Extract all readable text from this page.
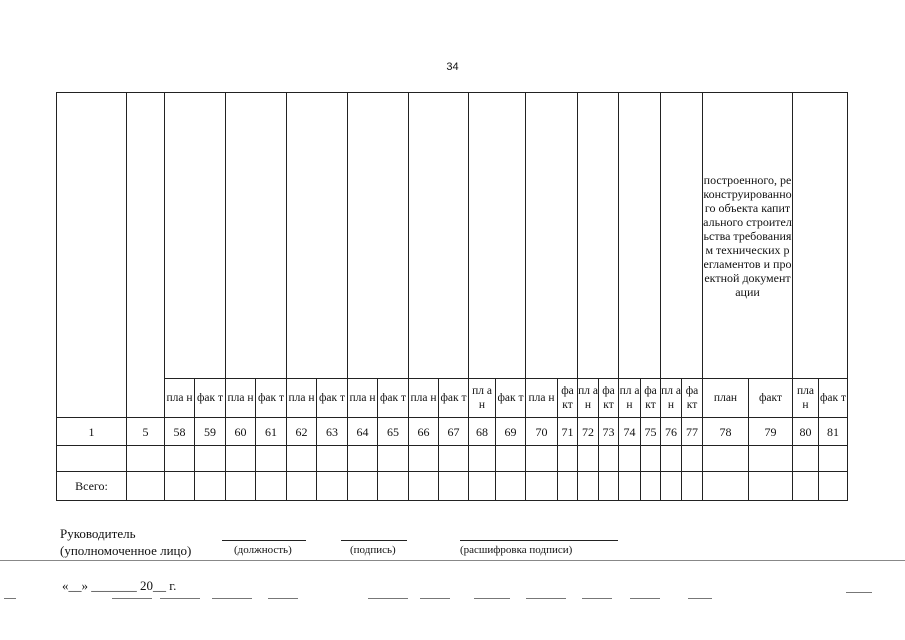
34
																						построенного, реконструированного объекта капитального строительства требованиям технических регламентов и проектной документации			
		пла н	фак т	пла н	фак т	пла н	фак т	пла н	фак т	пла н	фак т	пл ан	фак т	пла н	фа кт	пл ан	фа кт	пл ан	фа кт	пл ан	фа кт	план	факт	пла н	фак т
1	5	58	59	60	61	62	63	64	65	66	67	68	69	70	71	72	73	74	75	76	77	78	79	80	81

Всего:																									
Руководитель
(уполномоченное лицо)	(должность)	(подпись)	(расшифровка подписи)
«__» _______ 20__ г.
